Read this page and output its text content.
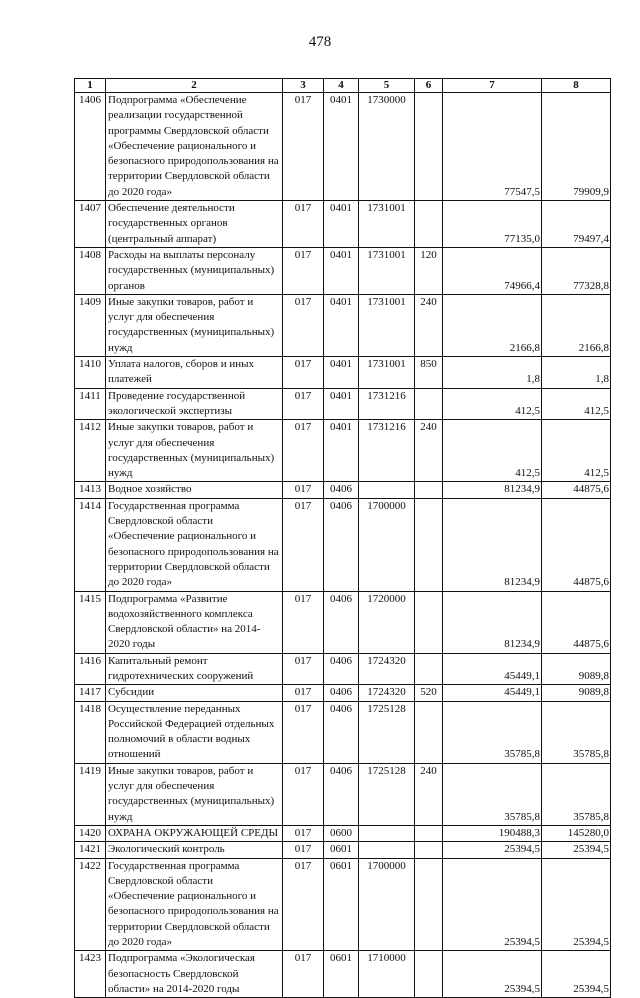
478
1	2	3	4	5	6	7	8
1406	Подпрограмма «Обеспечение реализации государственной программы Свердловской области «Обеспечение рационального и безопасного природопользования на территории Свердловской области до 2020 года»	017	0401	1730000		77547,5	79909,9
1407	Обеспечение деятельности государственных органов (центральный аппарат)	017	0401	1731001		77135,0	79497,4
1408	Расходы на выплаты персоналу государственных (муниципальных) органов	017	0401	1731001	120	74966,4	77328,8
1409	Иные закупки товаров, работ и услуг для обеспечения государственных (муниципальных) нужд	017	0401	1731001	240	2166,8	2166,8
1410	Уплата налогов, сборов и иных платежей	017	0401	1731001	850	1,8	1,8
1411	Проведение государственной экологической экспертизы	017	0401	1731216		412,5	412,5
1412	Иные закупки товаров, работ и услуг для обеспечения государственных (муниципальных) нужд	017	0401	1731216	240	412,5	412,5
1413	Водное хозяйство	017	0406			81234,9	44875,6
1414	Государственная программа Свердловской области «Обеспечение рационального и безопасного природопользования на территории Свердловской области до 2020 года»	017	0406	1700000		81234,9	44875,6
1415	Подпрограмма «Развитие водохозяйственного комплекса Свердловской области» на 2014-2020 годы	017	0406	1720000		81234,9	44875,6
1416	Капитальный ремонт гидротехнических сооружений	017	0406	1724320		45449,1	9089,8
1417	Субсидии	017	0406	1724320	520	45449,1	9089,8
1418	Осуществление переданных Российской Федерацией отдельных полномочий в области водных отношений	017	0406	1725128		35785,8	35785,8
1419	Иные закупки товаров, работ и услуг для обеспечения государственных (муниципальных) нужд	017	0406	1725128	240	35785,8	35785,8
1420	ОХРАНА ОКРУЖАЮЩЕЙ СРЕДЫ	017	0600			190488,3	145280,0
1421	Экологический контроль	017	0601			25394,5	25394,5
1422	Государственная программа Свердловской области «Обеспечение рационального и безопасного природопользования на территории Свердловской области до 2020 года»	017	0601	1700000		25394,5	25394,5
1423	Подпрограмма «Экологическая безопасность Свердловской области» на 2014-2020 годы	017	0601	1710000		25394,5	25394,5
